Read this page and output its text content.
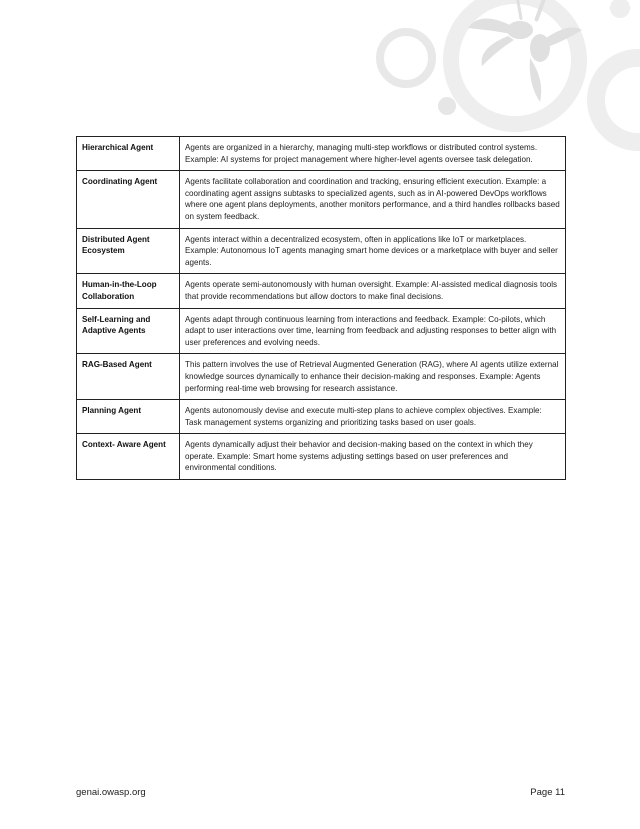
Hierarchical Agent	Agents are organized in a hierarchy, managing multi-step workflows or distributed control systems. Example: AI systems for project management where higher-level agents oversee task delegation.
Coordinating Agent	Agents facilitate collaboration and coordination and tracking, ensuring efficient execution. Example: a coordinating agent assigns subtasks to specialized agents, such as in AI-powered DevOps workflows where one agent plans deployments, another monitors performance, and a third handles rollbacks based on system feedback.
Distributed Agent Ecosystem	Agents interact within a decentralized ecosystem, often in applications like IoT or marketplaces. Example: Autonomous IoT agents managing smart home devices or a marketplace with buyer and seller agents.
Human-in-the-Loop Collaboration	Agents operate semi-autonomously with human oversight. Example: AI-assisted medical diagnosis tools that provide recommendations but allow doctors to make final decisions.
Self-Learning and Adaptive Agents	Agents adapt through continuous learning from interactions and feedback. Example: Co-pilots, which adapt to user interactions over time, learning from feedback and adjusting responses to better align with user preferences and evolving needs.
RAG-Based Agent	This pattern involves the use of Retrieval Augmented Generation (RAG), where AI agents utilize external knowledge sources dynamically to enhance their decision-making and responses. Example: Agents performing real-time web browsing for research assistance.
Planning Agent	Agents autonomously devise and execute multi-step plans to achieve complex objectives. Example: Task management systems organizing and prioritizing tasks based on user goals.
Context- Aware Agent	Agents dynamically adjust their behavior and decision-making based on the context in which they operate. Example: Smart home systems adjusting settings based on user preferences and environmental conditions.
genai.owasp.org	Page 11
